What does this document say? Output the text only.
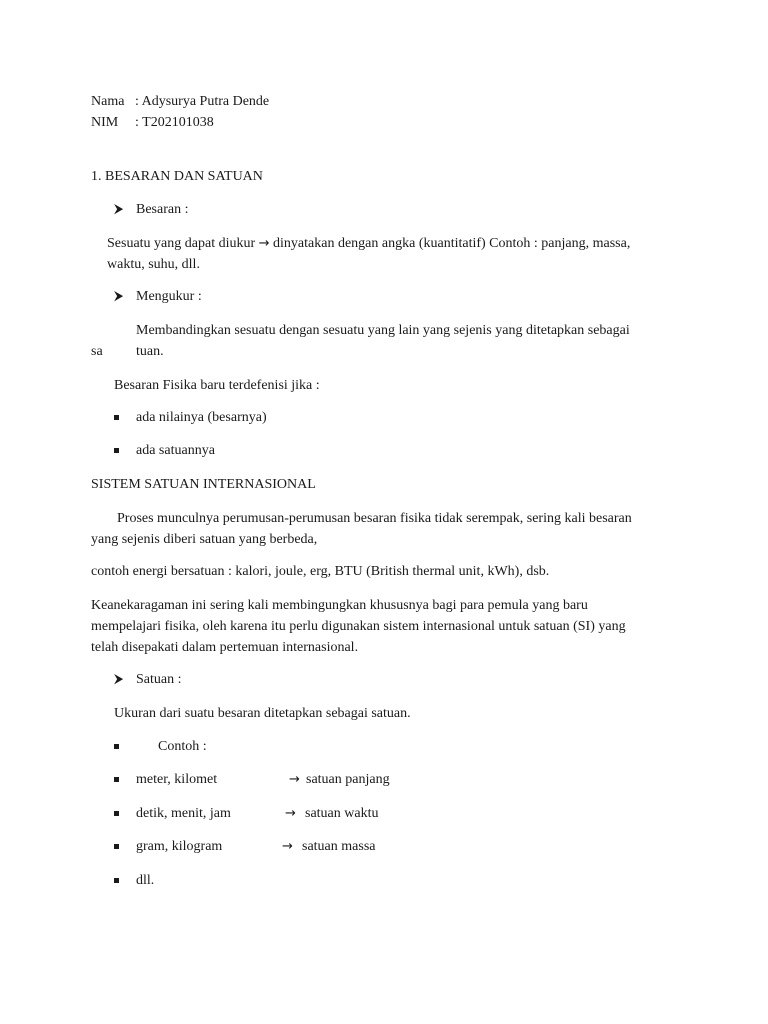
Nama : Adysurya Putra Dende
NIM : T202101038
1. BESARAN DAN SATUAN
⮞ Besaran :
Sesuatu yang dapat diukur → dinyatakan dengan angka (kuantitatif) Contoh : panjang, massa,
waktu, suhu, dll.
⮞ Mengukur :
Membandingkan sesuatu dengan sesuatu yang lain yang sejenis yang ditetapkan sebagai
sa tuan.
Besaran Fisika baru terdefenisi jika :
ada nilainya (besarnya)
ada satuannya
SISTEM SATUAN INTERNASIONAL
Proses munculnya perumusan-perumusan besaran fisika tidak serempak, sering kali besaran
yang sejenis diberi satuan yang berbeda,
contoh energi bersatuan : kalori, joule, erg, BTU (British thermal unit, kWh), dsb.
Keanekaragaman ini sering kali membingungkan khususnya bagi para pemula yang baru
mempelajari fisika, oleh karena itu perlu digunakan sistem internasional untuk satuan (SI) yang
telah disepakati dalam pertemuan internasional.
⮞ Satuan :
Ukuran dari suatu besaran ditetapkan sebagai satuan.
Contoh :
meter, kilomet	→ satuan panjang
detik, menit, jam	→ satuan waktu
gram, kilogram	→ satuan massa
dll.
